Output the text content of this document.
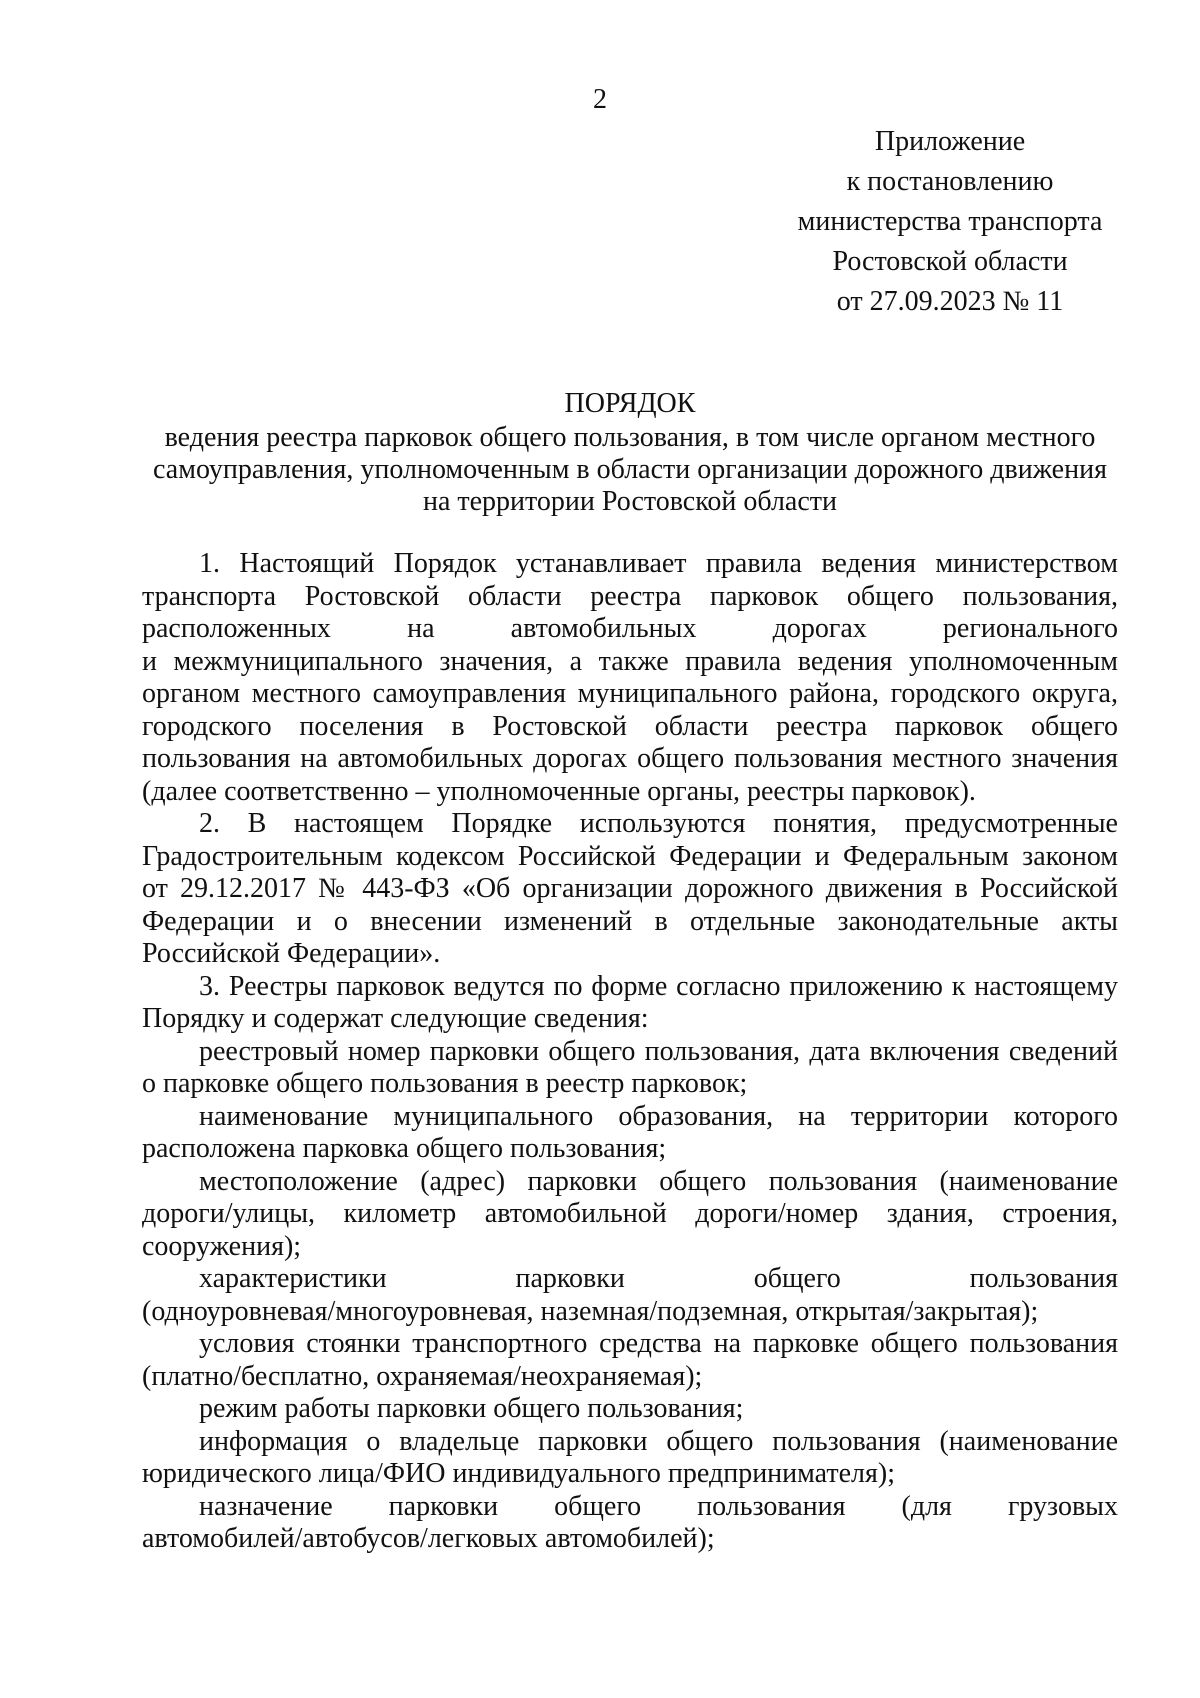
2
Приложение
к постановлению
министерства транспорта
Ростовской области
от 27.09.2023 № 11
ПОРЯДОК
ведения реестра парковок общего пользования, в том числе органом местного
самоуправления, уполномоченным в области организации дорожного движения
на территории Ростовской области

1. Настоящий Порядок устанавливает правила ведения министерством
транспорта Ростовской области реестра парковок общего пользования,
расположенных на автомобильных дорогах регионального
и межмуниципального значения, а также правила ведения уполномоченным
органом местного самоуправления муниципального района, городского округа,
городского поселения в Ростовской области реестра парковок общего
пользования на автомобильных дорогах общего пользования местного значения
(далее соответственно – уполномоченные органы, реестры парковок).

2. В настоящем Порядке используются понятия, предусмотренные
Градостроительным кодексом Российской Федерации и Федеральным законом
от 29.12.2017 № 443-ФЗ «Об организации дорожного движения в Российской
Федерации и о внесении изменений в отдельные законодательные акты
Российской Федерации».

3. Реестры парковок ведутся по форме согласно приложению к настоящему
Порядку и содержат следующие сведения:

реестровый номер парковки общего пользования, дата включения сведений
о парковке общего пользования в реестр парковок;

наименование муниципального образования, на территории которого
расположена парковка общего пользования;

местоположение (адрес) парковки общего пользования (наименование
дороги/улицы, километр автомобильной дороги/номер здания, строения,
сооружения);

характеристики парковки общего пользования
(одноуровневая/многоуровневая, наземная/подземная, открытая/закрытая);

условия стоянки транспортного средства на парковке общего пользования
(платно/бесплатно, охраняемая/неохраняемая);

режим работы парковки общего пользования;

информация о владельце парковки общего пользования (наименование
юридического лица/ФИО индивидуального предпринимателя);

назначение парковки общего пользования (для грузовых
автомобилей/автобусов/легковых автомобилей);
